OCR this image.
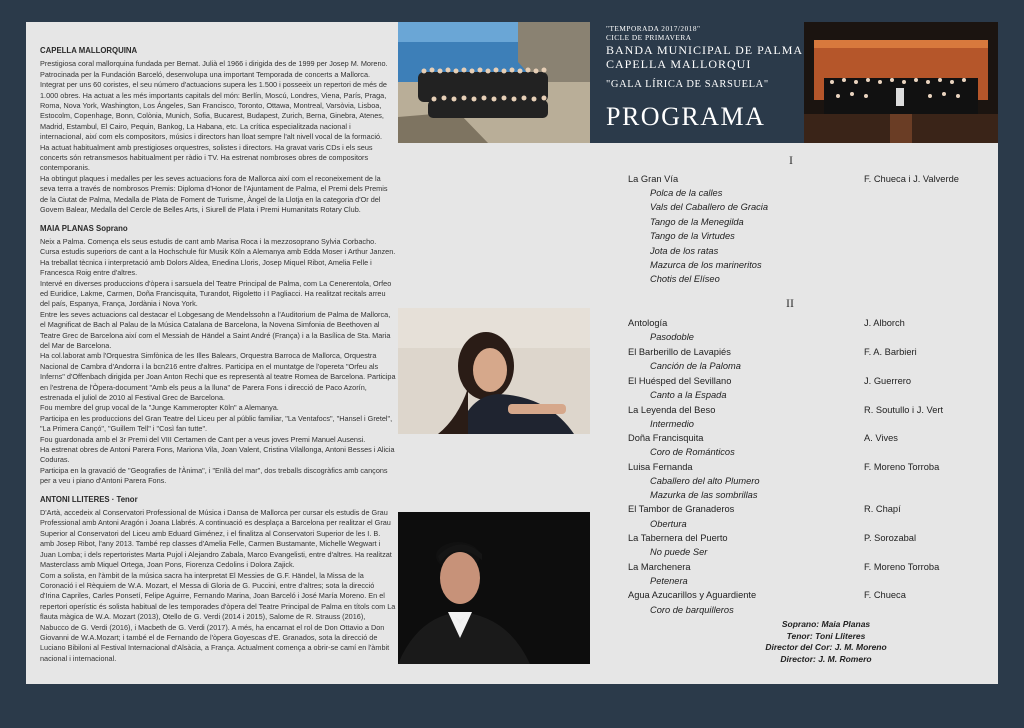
CAPELLA MALLORQUINA

Prestigiosa coral mallorquina fundada per Bernat. Julià el 1966 i dirigida des de 1999 per Josep M. Moreno. Patrocinada per la Fundación Barceló, desenvolupa una important Temporada de concerts a Mallorca. Integrat per uns 60 coristes, el seu número d'actuacions supera les 1.500 i posseeix un repertori de més de 1.000 obres. Ha actuat a les més importants capitals del món: Berlín, Moscú, Londres, Viena, París, Praga, Roma, Nova York, Washington, Los Ángeles, San Francisco, Toronto, Ottawa, Montreal, Varsòvia, Lisboa, Estocolm, Copenhage, Bonn, Colònia, Munich, Sofia, Bucarest, Budapest, Zurich, Berna, Ginebra, Atenes, Madrid, Estambul, El Cairo, Pequin, Bankog, La Habana, etc. La crítica especialitzada nacional i internacional, així com els compositors, músics i directors han lloat sempre l'alt nivell vocal de la formació.

Ha actuat habitualment amb prestigioses orquestres, solistes i directors. Ha gravat varis CDs i els seus concerts són retransmesos habitualment per ràdio i TV. Ha estrenat nombroses obres de compositors contemporanis.

Ha obtingut plaques i medalles per les seves actuacions fora de Mallorca així com el reconeixement de la seva terra a través de nombrosos Premis: Diploma d'Honor de l'Ajuntament de Palma, el Premi dels Premis de la Ciutat de Palma, Medalla de Plata de Foment de Turisme, Àngel de la Llotja en la categoria d'Or del Govern Balear, Medalla del Cercle de Belles Arts, i Siurell de Plata i Premi Humanitats Rotary Club.

MAIA PLANAS Soprano

Neix a Palma. Comença els seus estudis de cant amb Marisa Roca i la mezzosoprano Sylvia Corbacho. Cursa estudis superiors de cant a la Hochschule für Musik Köln a Alemanya amb Edda Moser i Arthur Janzen.

Ha treballat tècnica i interpretació amb Dolors Aldea, Enedina Lloris, Josep Miquel Ribot, Amelia Felle i Francesca Roig entre d'altres.

Intervé en diverses produccions d'òpera i sarsuela del Teatre Principal de Palma, com La Cenerentola, Orfeo ed Euridice, Lakme, Carmen, Doña Francisquita, Turandot, Rigoletto i I Pagliacci. Ha realitzat recitals arreu del país, Espanya, França, Jordània i Nova York.

Entre les seves actuacions cal destacar el Lobgesang de Mendelssohn a l'Auditorium de Palma de Mallorca, el Magnificat de Bach al Palau de la Música Catalana de Barcelona, la Novena Simfonia de Beethoven al Teatre Grec de Barcelona així com el Messiah de Händel a Saint André (França) i a la Basílica de Sta. Maria del Mar de Barcelona.

Ha col.laborat amb l'Orquestra Simfònica de les Illes Balears, Orquestra Barroca de Mallorca, Orquestra Nacional de Cambra d'Andorra i la bcn216 entre d'altres. Participa en el muntatge de l'opereta "Orfeu als Inferns" d'Offenbach dirigida per Joan Anton Rechi que es representà al teatre Romea de Barcelona. Participa en l'estrena de l'Òpera-document "Amb els peus a la lluna" de Parera Fons i direcció de Paco Azorín, estrenada el juliol de 2010 al Festival Grec de Barcelona.

Fou membre del grup vocal de la "Junge Kammeropter Köln" a Alemanya.

Participa en les produccions del Gran Teatre del Liceu per al públic familiar, "La Ventafocs", "Hansel i Gretel", "La Primera Cançó", "Guillem Tell" i "Così fan tutte".

Fou guardonada amb el 3r Premi del VIII Certamen de Cant per a veus joves Premi Manuel Ausensi.

Ha estrenat obres de Antoni Parera Fons, Mariona Vila, Joan Valent, Cristina Vilallonga, Antoni Besses i Alicia Coduras.

Participa en la gravació de "Geografies de l'Ànima", i "Enllà del mar", dos treballs discogràfics amb cançons per a veu i piano d'Antoni Parera Fons.

ANTONI LLITERES · Tenor

D'Artà, accedeix al Conservatori Professional de Música i Dansa de Mallorca per cursar els estudis de Grau Professional amb Antoni Aragón i Joana Llabrés. A continuació es desplaça a Barcelona per realitzar el Grau Superior al Conservatori del Liceu amb Eduard Giménez, i el finalitza al Conservatori Superior de les I. B. amb Josep Ribot, l'any 2013. També rep classes d'Amelia Felle, Carmen Bustamante, Michelle Wegwart i Juan Lomba; i dels repertoristes Marta Pujol i Alejandro Zabala, Marco Evangelisti, entre d'altres. Ha realitzat Masterclass amb Miquel Ortega, Joan Pons, Fiorenza Cedolins i Dolora Zajick.

Com a solista, en l'àmbit de la música sacra ha interpretat El Messies de G.F. Händel, la Missa de la Coronació i el Rèquiem de W.A. Mozart, el Messa di Gloria de G. Puccini, entre d'altres; sota la direcció d'Irina Capriles, Carles Ponsetí, Felipe Aguirre, Fernando Marina, Joan Barceló i José María Moreno. En el repertori operístic és solista habitual de les temporades d'òpera del Teatre Principal de Palma en títols com La flauta màgica de W.A. Mozart (2013), Otello de G. Verdi (2014 i 2015), Salome de R. Strauss (2016), Nabucco de G. Verdi (2016), i Macbeth de G. Verdi (2017). A més, ha encarnat el rol de Don Ottavio a Don Giovanni de W.A.Mozart; i també el de Fernando de l'òpera Goyescas d'E. Granados, sota la direcció de Luciano Bibiloni al Festival Internacional d'Alsàcia, a França. Actualment comença a obrir-se camí en l'àmbit nacional i internacional.

"TEMPORADA 2017/2018"
CICLE DE PRIMAVERA
BANDA MUNICIPAL DE PALMA
CAPELLA MALLORQUI
"GALA LÍRICA DE SARSUELA"
PROGRAMA
I
La Gran Vía	F. Chueca i J. Valverde
Polca de la calles
Vals del Caballero de Gracia
Tango de la Menegilda
Tango de la Virtudes
Jota de los ratas
Mazurca de los marineritos
Chotis del Elíseo
II
Antología	J. Alborch
Pasodoble
El Barberillo de Lavapiés	F. A. Barbieri
Canción de la Paloma
El Huésped del Sevillano	J. Guerrero
Canto a la Espada
La Leyenda del Beso	R. Soutullo i J. Vert
Intermedio
Doña Francisquita	A. Vives
Coro de Románticos
Luisa Fernanda	F. Moreno Torroba
Caballero del alto Plumero
Mazurka de las sombrillas
El Tambor de Granaderos	R. Chapí
Obertura
La Tabernera del Puerto	P. Sorozabal
No puede Ser
La Marchenera	F. Moreno Torroba
Petenera
Agua Azucarillos y Aguardiente	F. Chueca
Coro de barquilleros
Soprano: Maia Planas
Tenor: Toni Lliteres
Director del Cor: J. M. Moreno
Director: J. M. Romero
